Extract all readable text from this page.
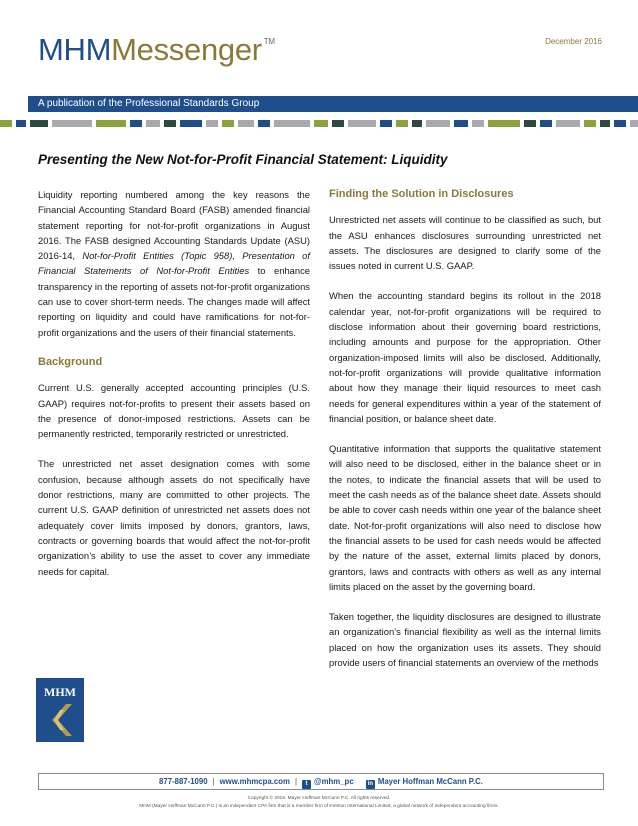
MHMMessenger ™	December 2016
A publication of the Professional Standards Group
Presenting the New Not-for-Profit Financial Statement: Liquidity

Liquidity reporting numbered among the key reasons the Financial Accounting Standard Board (FASB) amended financial statement reporting for not-for-profit organizations in August 2016. The FASB designed Accounting Standards Update (ASU) 2016-14, Not-for-Profit Entities (Topic 958), Presentation of Financial Statements of Not-for-Profit Entities to enhance transparency in the reporting of assets not-for-profit organizations can use to cover short-term needs. The changes made will affect reporting on liquidity and could have ramifications for not-for-profit organizations and the users of their financial statements.

Background

Current U.S. generally accepted accounting principles (U.S. GAAP) requires not-for-profits to present their assets based on the presence of donor-imposed restrictions. Assets can be permanently restricted, temporarily restricted or unrestricted.

The unrestricted net asset designation comes with some confusion, because although assets do not specifically have donor restrictions, many are committed to other projects. The current U.S. GAAP definition of unrestricted net assets does not adequately cover limits imposed by donors, grantors, laws, contracts or governing boards that would affect the not-for-profit organization’s ability to use the asset to cover any immediate needs for capital.

Finding the Solution in Disclosures

Unrestricted net assets will continue to be classified as such, but the ASU enhances disclosures surrounding unrestricted net assets. The disclosures are designed to clarify some of the issues noted in current U.S. GAAP.

When the accounting standard begins its rollout in the 2018 calendar year, not-for-profit organizations will be required to disclose information about their governing board restrictions, including amounts and purpose for the appropriation. Other organization-imposed limits will also be disclosed. Additionally, not-for-profit organizations will provide qualitative information about how they manage their liquid resources to meet cash needs for general expenditures within a year of the statement of financial position, or balance sheet date.

Quantitative information that supports the qualitative statement will also need to be disclosed, either in the balance sheet or in the notes, to indicate the financial assets that will be used to meet the cash needs as of the balance sheet date. Assets should be able to cover cash needs within one year of the balance sheet date. Not-for-profit organizations will also need to disclose how the financial assets to be used for cash needs would be affected by the nature of the asset, external limits placed by donors, grantors, laws and contracts with others as well as any internal limits placed on the asset by the governing board.

Taken together, the liquidity disclosures are designed to illustrate an organization’s financial flexibility as well as the internal limits placed on how the organization uses its assets. They should provide users of financial statements an overview of the methods

MHM
877-887-1090 | www.mhmcpa.com | t @mhm_pc in Mayer Hoffman McCann P.C.
Copyright © 2016. Mayer Hoffman McCann P.C. All rights reserved.
MHM (Mayer Hoffman McCann P.C.) is an independent CPA firm that is a member firm of Kreston International Limited, a global network of independent accounting firms.
